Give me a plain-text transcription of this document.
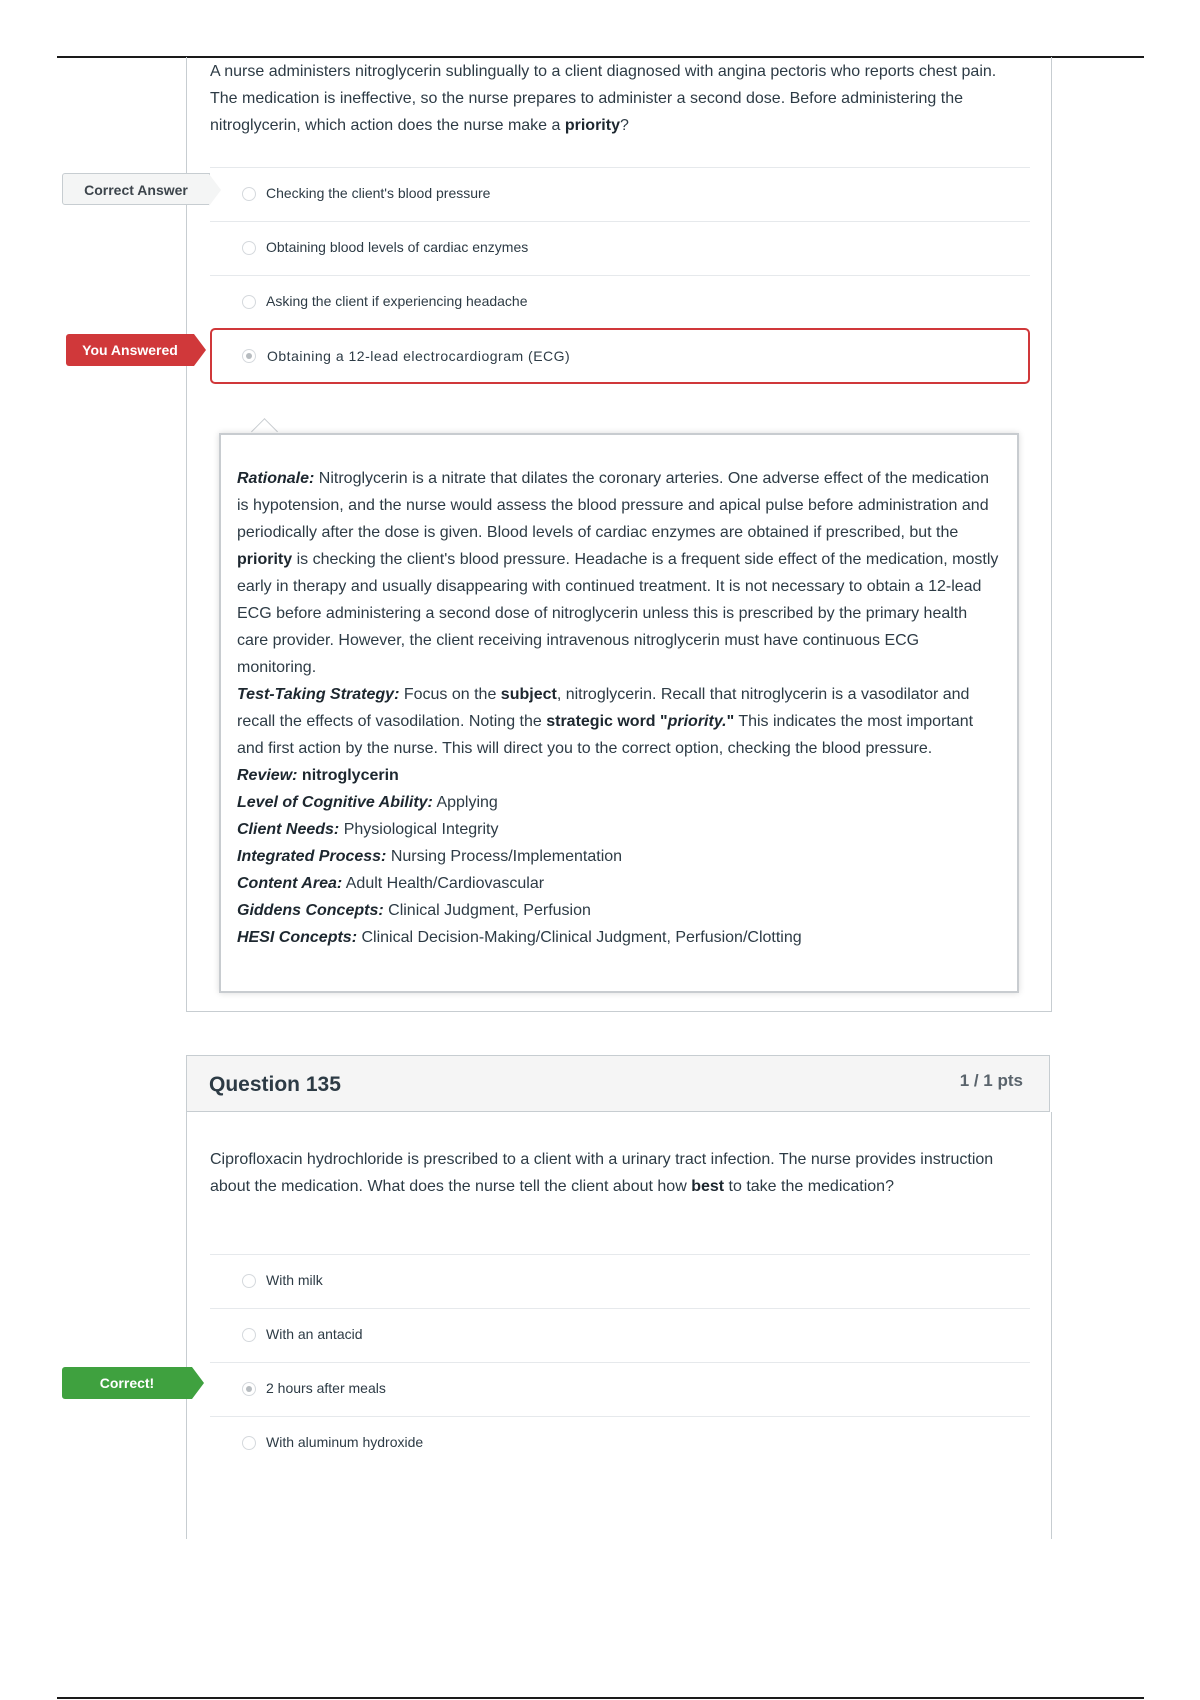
A nurse administers nitroglycerin sublingually to a client diagnosed with angina pectoris who reports chest pain. The medication is ineffective, so the nurse prepares to administer a second dose. Before administering the nitroglycerin, which action does the nurse make a priority?

Checking the client's blood pressure
Obtaining blood levels of cardiac enzymes
Asking the client if experiencing headache
Obtaining a 12-lead electrocardiogram (ECG)
Correct Answer
You Answered

Rationale: Nitroglycerin is a nitrate that dilates the coronary arteries. One adverse effect of the medication is hypotension, and the nurse would assess the blood pressure and apical pulse before administration and periodically after the dose is given. Blood levels of cardiac enzymes are obtained if prescribed, but the priority is checking the client's blood pressure. Headache is a frequent side effect of the medication, mostly early in therapy and usually disappearing with continued treatment. It is not necessary to obtain a 12-lead ECG before administering a second dose of nitroglycerin unless this is prescribed by the primary health care provider. However, the client receiving intravenous nitroglycerin must have continuous ECG monitoring.

Test-Taking Strategy: Focus on the subject, nitroglycerin. Recall that nitroglycerin is a vasodilator and recall the effects of vasodilation. Noting the strategic word "priority." This indicates the most important and first action by the nurse. This will direct you to the correct option, checking the blood pressure.

Review: nitroglycerin

Level of Cognitive Ability: Applying

Client Needs: Physiological Integrity

Integrated Process: Nursing Process/Implementation

Content Area: Adult Health/Cardiovascular

Giddens Concepts: Clinical Judgment, Perfusion

HESI Concepts: Clinical Decision-Making/Clinical Judgment, Perfusion/Clotting

Question 135	1 / 1 pts

Ciprofloxacin hydrochloride is prescribed to a client with a urinary tract infection. The nurse provides instruction about the medication. What does the nurse tell the client about how best to take the medication?

With milk
With an antacid
2 hours after meals
With aluminum hydroxide
Correct!
